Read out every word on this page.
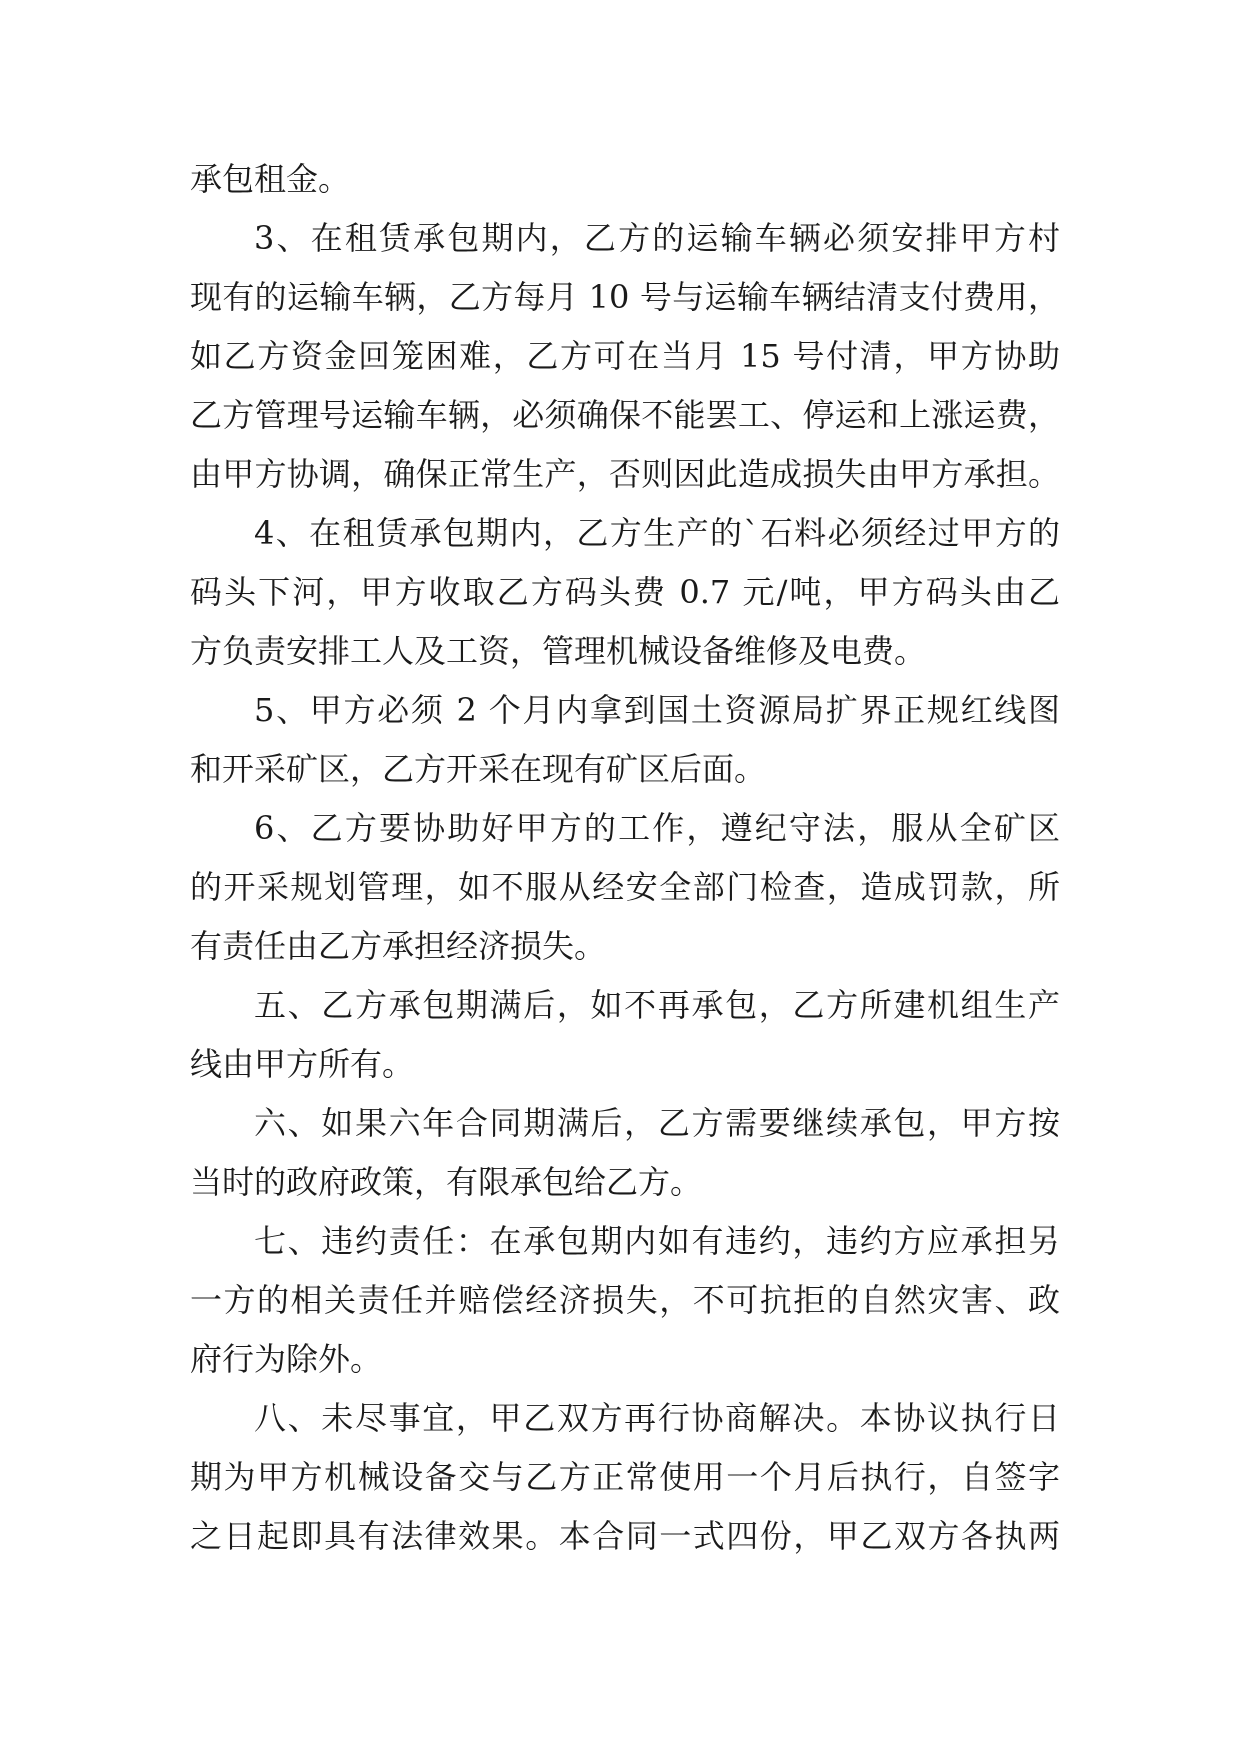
承包租金。
3、在租赁承包期内，乙方的运输车辆必须安排甲方村
现有的运输车辆，乙方每月 10 号与运输车辆结清支付费用，
如乙方资金回笼困难，乙方可在当月 15 号付清，甲方协助
乙方管理号运输车辆，必须确保不能罢工、停运和上涨运费，
由甲方协调，确保正常生产，否则因此造成损失由甲方承担。
4、在租赁承包期内，乙方生产的`石料必须经过甲方的
码头下河，甲方收取乙方码头费 0.7 元/吨，甲方码头由乙
方负责安排工人及工资，管理机械设备维修及电费。
5、甲方必须 2 个月内拿到国土资源局扩界正规红线图
和开采矿区，乙方开采在现有矿区后面。
6、乙方要协助好甲方的工作，遵纪守法，服从全矿区
的开采规划管理，如不服从经安全部门检查，造成罚款，所
有责任由乙方承担经济损失。
五、乙方承包期满后，如不再承包，乙方所建机组生产
线由甲方所有。
六、如果六年合同期满后，乙方需要继续承包，甲方按
当时的政府政策，有限承包给乙方。
七、违约责任：在承包期内如有违约，违约方应承担另
一方的相关责任并赔偿经济损失，不可抗拒的自然灾害、政
府行为除外。
八、未尽事宜，甲乙双方再行协商解决。本协议执行日
期为甲方机械设备交与乙方正常使用一个月后执行，自签字
之日起即具有法律效果。本合同一式四份，甲乙双方各执两
